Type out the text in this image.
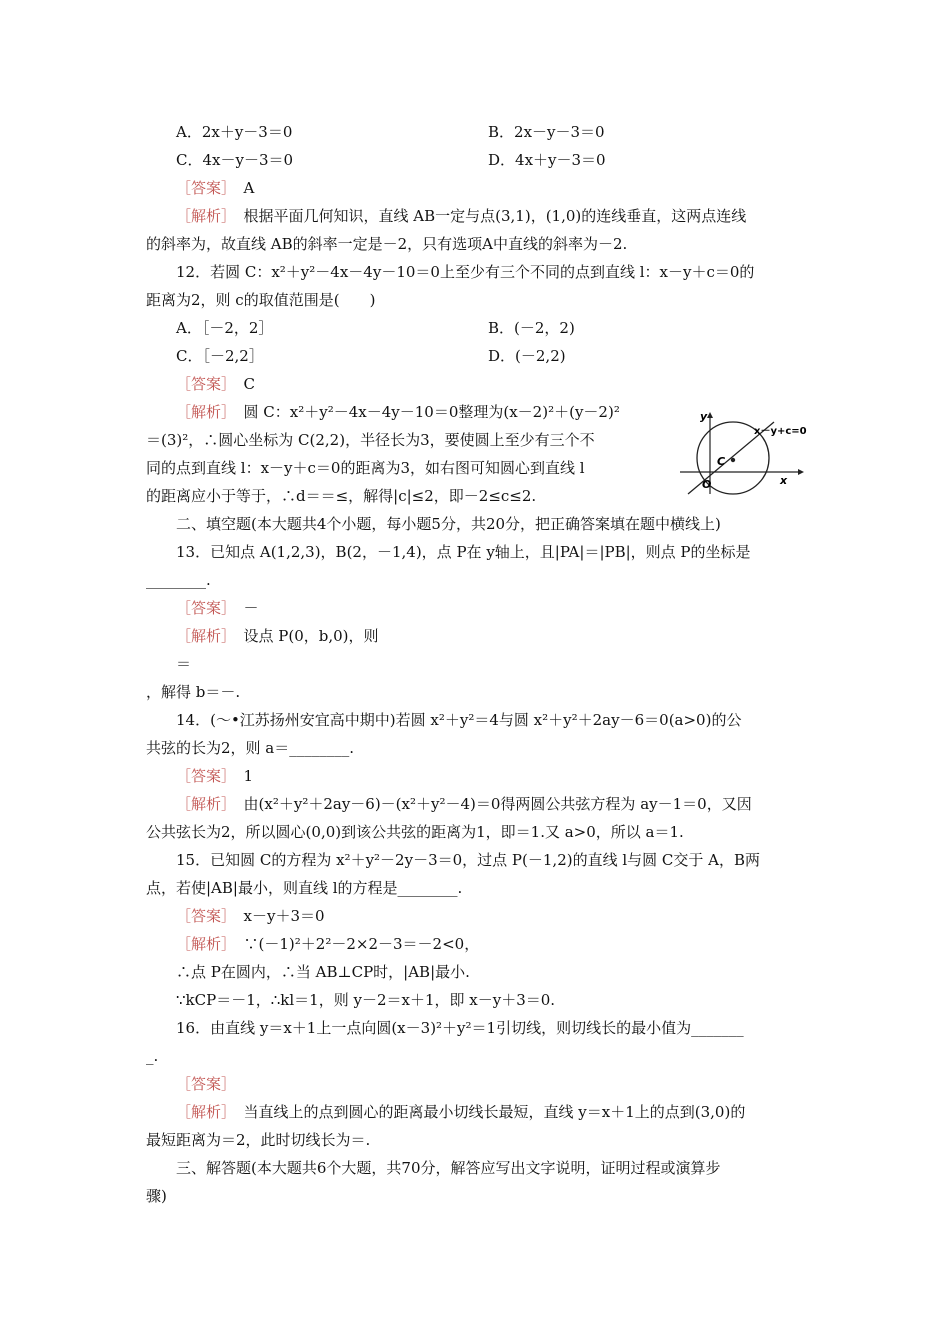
A．2x＋y－3＝0	B．2x－y－3＝0
C．4x－y－3＝0	D．4x＋y－3＝0
［答案］　A
［解析］　根据平面几何知识，直线 AB一定与点(3,1)，(1,0)的连线垂直，这两点连线
的斜率为，故直线 AB的斜率一定是－2，只有选项A中直线的斜率为－2.
12．若圆 C：x²＋y²－4x－4y－10＝0上至少有三个不同的点到直线 l：x－y＋c＝0的
距离为2，则 c的取值范围是(　　)
A．［－2，2］	B．(－2，2)
C．［－2,2］	D．(－2,2)
［答案］　C
［解析］　圆 C：x²＋y²－4x－4y－10＝0整理为(x－2)²＋(y－2)²
＝(3)²，∴圆心坐标为 C(2,2)，半径长为3，要使圆上至少有三个不
同的点到直线 l：x－y＋c＝0的距离为3，如右图可知圆心到直线 l
的距离应小于等于，∴d＝＝≤，解得|c|≤2，即－2≤c≤2.
C
O	x
y
x－y+c=0
二、填空题(本大题共4个小题，每小题5分，共20分，把正确答案填在题中横线上)
13．已知点 A(1,2,3)，B(2，－1,4)，点 P在 y轴上，且|PA|＝|PB|，则点 P的坐标是
________.
［答案］　－
［解析］　设点 P(0，b,0)，则
＝
，解得 b＝－.
14．(～•江苏扬州安宜高中期中)若圆 x²＋y²＝4与圆 x²＋y²＋2ay－6＝0(a>0)的公
共弦的长为2，则 a＝________.
［答案］　1
［解析］　由(x²＋y²＋2ay－6)－(x²＋y²－4)＝0得两圆公共弦方程为 ay－1＝0，又因
公共弦长为2，所以圆心(0,0)到该公共弦的距离为1，即＝1.又 a>0，所以 a＝1.
15．已知圆 C的方程为 x²＋y²－2y－3＝0，过点 P(－1,2)的直线 l与圆 C交于 A，B两
点，若使|AB|最小，则直线 l的方程是________.
［答案］　x－y＋3＝0
［解析］　∵(－1)²＋2²－2×2－3＝－2<0，
∴点 P在圆内，∴当 AB⊥CP时，|AB|最小.
∵kCP＝－1，∴kl＝1，则 y－2＝x＋1，即 x－y＋3＝0.
16．由直线 y＝x＋1上一点向圆(x－3)²＋y²＝1引切线，则切线长的最小值为_______
_.
［答案］　
［解析］　当直线上的点到圆心的距离最小切线长最短，直线 y＝x＋1上的点到(3,0)的
最短距离为＝2，此时切线长为＝.
三、解答题(本大题共6个大题，共70分，解答应写出文字说明，证明过程或演算步
骤)
